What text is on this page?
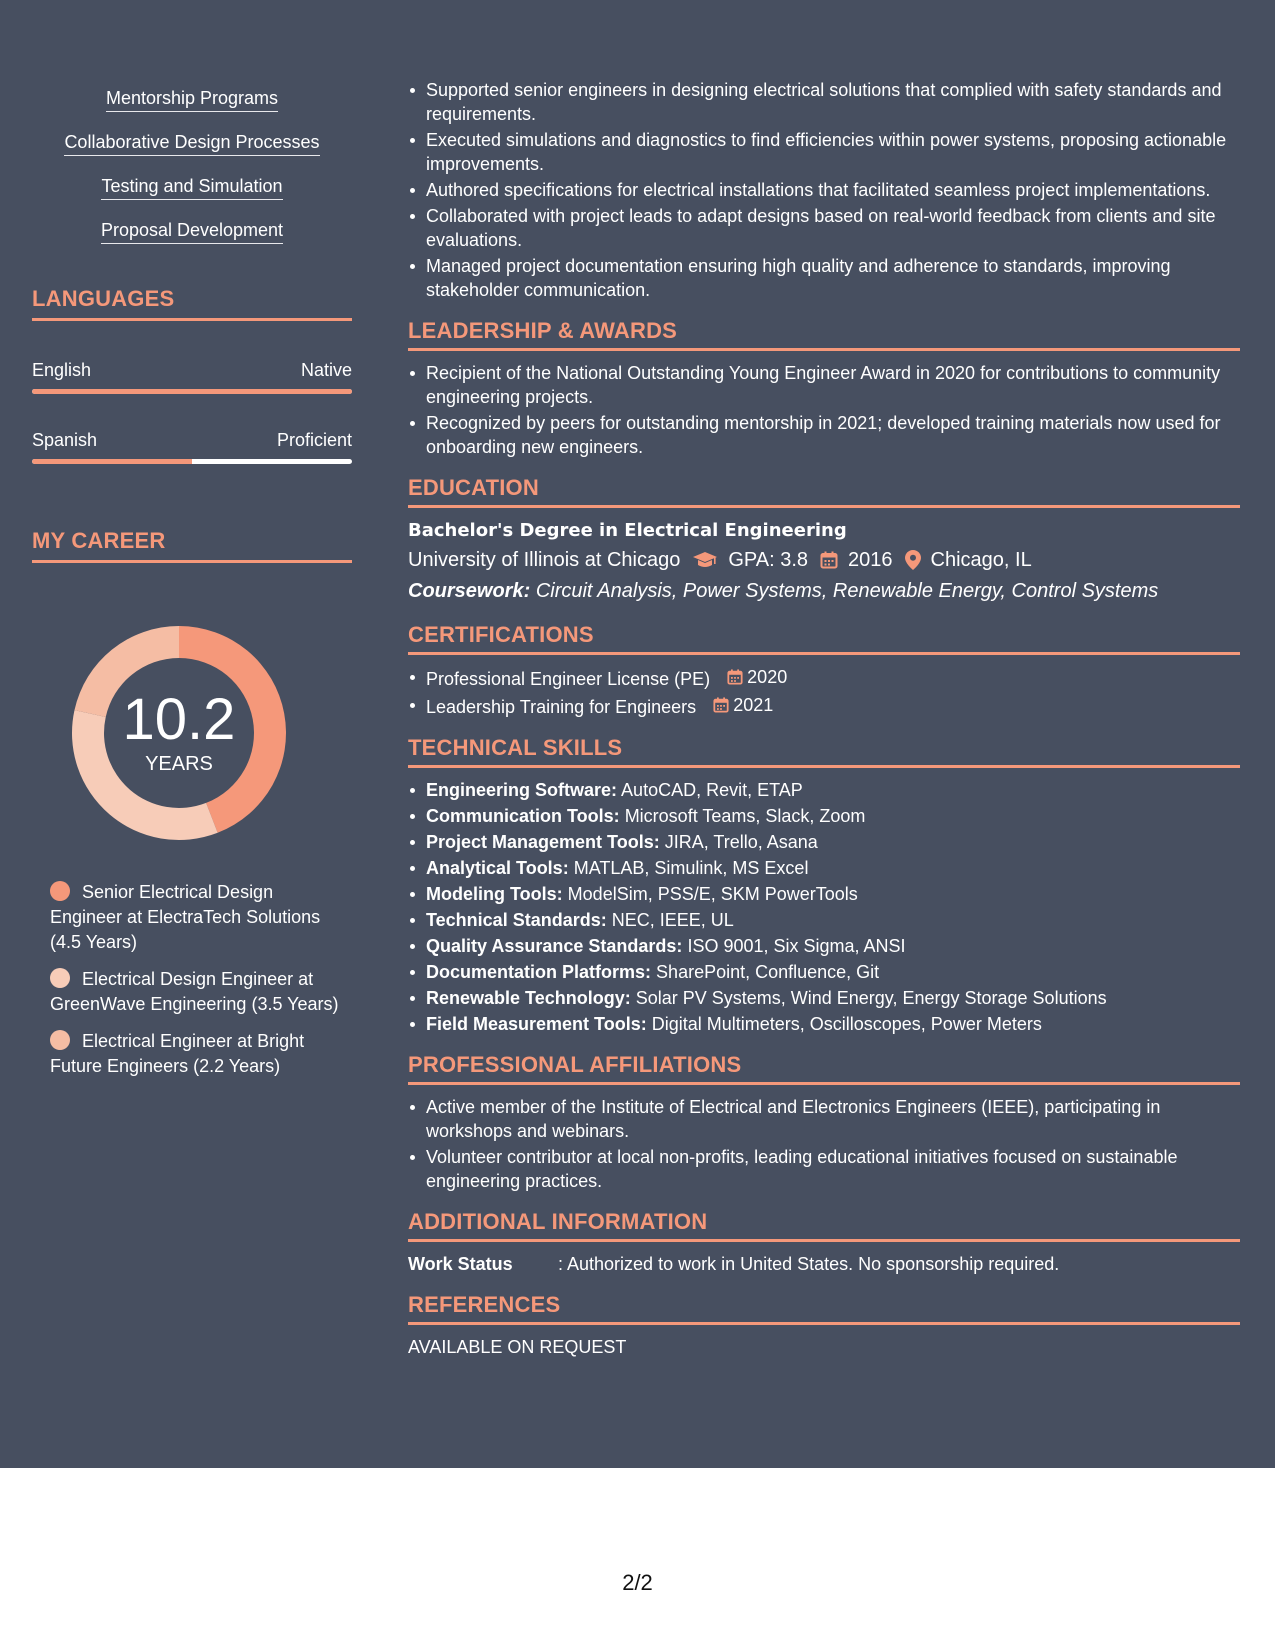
Mentorship Programs
Collaborative Design Processes
Testing and Simulation
Proposal Development
LANGUAGES
English	Native
Spanish	Proficient
MY CAREER
10.2
YEARS
Senior Electrical Design Engineer at ElectraTech Solutions (4.5 Years)
Electrical Design Engineer at GreenWave Engineering (3.5 Years)
Electrical Engineer at Bright Future Engineers (2.2 Years)
Supported senior engineers in designing electrical solutions that complied with safety standards and requirements.
Executed simulations and diagnostics to find efficiencies within power systems, proposing actionable improvements.
Authored specifications for electrical installations that facilitated seamless project implementations.
Collaborated with project leads to adapt designs based on real-world feedback from clients and site evaluations.
Managed project documentation ensuring high quality and adherence to standards, improving stakeholder communication.
LEADERSHIP & AWARDS
Recipient of the National Outstanding Young Engineer Award in 2020 for contributions to community engineering projects.
Recognized by peers for outstanding mentorship in 2021; developed training materials now used for onboarding new engineers.
EDUCATION
Bachelor's Degree in Electrical Engineering
University of Illinois at Chicago GPA: 3.8 2016 Chicago, IL
Coursework: Circuit Analysis, Power Systems, Renewable Energy, Control Systems
CERTIFICATIONS
Professional Engineer License (PE) 2020
Leadership Training for Engineers 2021
TECHNICAL SKILLS
Engineering Software: AutoCAD, Revit, ETAP
Communication Tools: Microsoft Teams, Slack, Zoom
Project Management Tools: JIRA, Trello, Asana
Analytical Tools: MATLAB, Simulink, MS Excel
Modeling Tools: ModelSim, PSS/E, SKM PowerTools
Technical Standards: NEC, IEEE, UL
Quality Assurance Standards: ISO 9001, Six Sigma, ANSI
Documentation Platforms: SharePoint, Confluence, Git
Renewable Technology: Solar PV Systems, Wind Energy, Energy Storage Solutions
Field Measurement Tools: Digital Multimeters, Oscilloscopes, Power Meters
PROFESSIONAL AFFILIATIONS
Active member of the Institute of Electrical and Electronics Engineers (IEEE), participating in workshops and webinars.
Volunteer contributor at local non-profits, leading educational initiatives focused on sustainable engineering practices.
ADDITIONAL INFORMATION
Work Status	: Authorized to work in United States. No sponsorship required.
REFERENCES
AVAILABLE ON REQUEST
2/2
